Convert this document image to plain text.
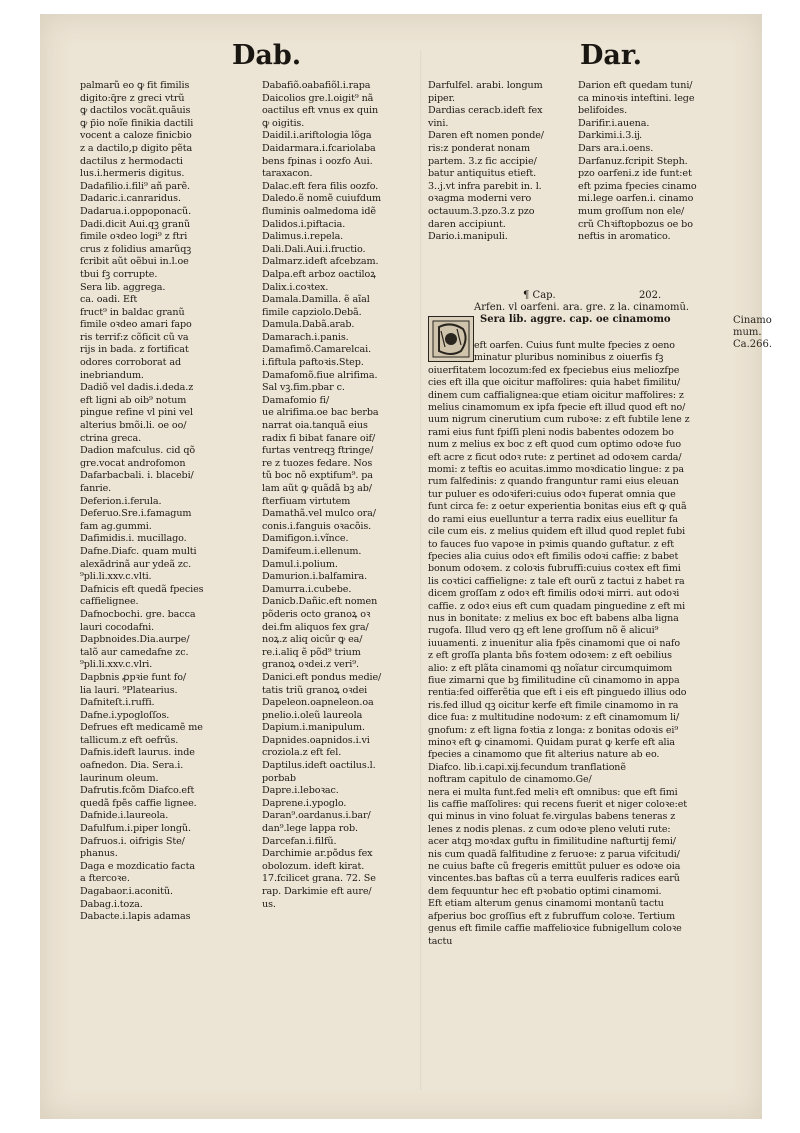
Dab.	Dar.
palmarũ eo ꝙ fit fimilis
digito:q̃re z greci vtrũ
ꝙ dactilos vocãt.quãuis
ꝙ p̃io noĩe finikia dactili
vocent a caloze finicbio
z a dactilo,p digito pẽta
dactilus z hermodacti
lus.i.hermeris digitus.
Dadafilio.i.fili⁹ añ parẽ.
Dadaric.i.canraridus.
Dadarua.i.oppoponacũ.
Dadi.dicit Aui.qꝫ granũ
fimile oꝛdeo logi⁹ z ftri
crus z folidius amarũqꝫ
fcribit aũt oẽbui in.l.oe
tbui fꝫ corrupte.
Sera lib. aggrega.
ca. oadi. Eft
fruct⁹ in baldac granũ
fimile oꝛdeo amari fapo
ris terrif:z cõficit cũ va
rijs in bada. z fortificat
odores corroborat ad
inebriandum.
Dadiõ vel dadis.i.deda.z
eft ligni ab oib⁹ notum
pingue refine vl pini vel
alterius bmõi.li. oe oo/
ctrina greca.
Dadion mafculus. cid qõ
gre.vocat androfomon
Dafarbacbali. i. blacebi/
fanrie.
Deferion.i.ferula.
Deferuo.Sre.i.famagum
fam ag.gummi.
Dafimidis.i. mucillago.
Dafne.Diafc. quam multi
alexãdrinã aur ydeã zc.
⁹pli.li.xxv.c.vlti.
Dafnicis eft quedã fpecies
caffielignee.
Dafnocbochi. gre. bacca
lauri cocodafni.
Dapbnoides.Dia.aurpe/
talõ aur camedafne zc.
⁹pli.li.xxv.c.vlri.
Dapbnis ꝓpꝛie funt fo/
lia lauri. ⁹Platearius.
Dafniteſt.i.ruffi.
Dafne.i.ypogloſſos.
Defrues eft medicamẽ me
tallicum.z eft oefrũs.
Dafnis.ideft laurus. inde
oafnedon. Dia. Sera.i.
laurinum oleum.
Dafrutis.fcõm Diafco.eft
quedã fpẽs caffie lignee.
Dafnide.i.laureola.
Dafulfum.i.piper longũ.
Dafruos.i. oifrigis Ste/
phanus.
Daga e mozdicatio facta
a ftercoꝛe.
Dagabaor.i.aconitũ.
Dabag.i.toza.
Dabacte.i.lapis adamas
Dabafiõ.oabafiõl.i.rapa
Daicolios gre.l.oigit⁹ nã
oactilus eft vnus ex quin
ꝙ oigitis.
Daidil.i.ariftologia lõga
Daidarmara.i.fcariolaba
bens fpinas i oozfo Aui.
taraxacon.
Dalac.eft fera filis oozfo.
Daledo.ẽ nomẽ cuiufdum
fluminis oalmedoma idẽ
Dalidos.i.piftacia.
Dalimus.i.repela.
Dali.Dali.Aui.i.fructio.
Dalmarz.ideft afcebzam.
Dalpa.eft arboz oactiloꝝ
Dalix.i.coꝛtex.
Damala.Damilla. ẽ aĩal
fimile capziolo.Debã.
Damula.Dabã.arab.
Damarach.i.panis.
Damafimõ.Camarelcai.
i.fiftula paftoꝛis.Step.
Damafomõ.fiue alrifima.
Sal vꝫ.fim.pbar c.
Damafomio fi/
ue alrifima.oe bac berba
narrat oia.tanquã eius
radix fi bibat fanare oif/
furtas ventreqꝫ ftringe/
re z tuozes fedare. Nos
tũ boc nõ exptifum⁹. pa
lam aũt ꝙ quãdã bꝫ ab/
fterfiuam virtutem
Damathã.vel mulco ora/
conis.i.fanguis oꝛacõis.
Damifigon.i.vĩnce.
Damifeum.i.ellenum.
Damul.i.polium.
Damurion.i.balfamira.
Damurra.i.cubebe.
Danicb.Dañic.eft nomen
põderis octo granoꝝ oꝛ
dei.fm aliquos fex gra/
noꝝ.z aliq oicũr ꝙ ea/
re.i.aliq ẽ põd⁹ trium
granoꝝ oꝛdei.z veri⁹.
Danici.eft pondus medie/
tatis triũ granoꝝ oꝛdei
Dapeleon.oapneleon.oa
pnelio.i.oleũ laureola
Dapium.i.manipulum.
Dapnides.oapnidos.i.vi
croziola.z eft fel.
Daptilus.ideft oactilus.l.
porbab
Dapre.i.leboꝛac.
Daprene.i.ypoglo.
Daran⁹.oardanus.i.bar/
dan⁹.lege lappa rob.
Darcefan.i.filfũ.
Darchimie ar.põdus fex
obolozum. ideft kirat.
17.fcilicet grana. 72. Se
rap. Darkimie eft aure/
us.
Darfulfel. arabi. longum
piper.
Dardias ceracb.ideft fex
vini.
Daren eft nomen ponde/
ris:z ponderat nonam
partem. 3.z fic accipie/
batur antiquitus etieft.
3..j.vt infra parebit in. l.
oꝛagma moderni vero
octauum.3.pzo.3.z pzo
daren accipiunt.
Dario.i.manipuli.
Darion eft quedam tuni/
ca minoꝛis inteftini. lege
belifoides.
Darifir.i.auena.
Darkimi.i.3.ĳ.
Dars ara.i.oens.
Darfanuz.fcripit Steph.
pzo oarfeni.z ide funt:et
eft pzima fpecies cinamo
mi.lege oarfen.i. cinamo
mum groſſum non ele/
crũ Chꝛiftopbozus oe bo
neftis in aromatico.
¶ Cap.	202.
Arfen. vl oarfeni. ara. gre. z la. cinamomũ.
Sera lib. aggre. cap. oe cinamomo	Cinamo
mum.
Ca.266.
eft oarfen. Cuius funt multe fpecies z oeno
minatur pluribus nominibus z oiuerfis fꝫ
oiuerfitatem locozum:fed ex fpeciebus eius meliozfpe
cies eft illa que oicitur maffolires: quia habet fimilitu/
dinem cum caffialignea:que etiam oicitur maffolires: z
melius cinamomum ex ipfa fpecie eft illud quod eft no/
uum nigrum cinerutium cum ruboꝛe: z eft fubtile lene z
rami eius funt fpiſſi pleni nodis babentes odozem bo
num z melius ex boc z eft quod cum optimo odoꝛe fuo
eft acre z ficut odoꝛ rute: z pertinet ad odoꝛem carda/
momi: z teftis eo acuitas.immo moꝛdicatio lingue: z pa
rum falfedinis: z quando franguntur rami eius eleuan
tur puluer es odoꝛiferi:cuius odoꝛ fuperat omnia que
funt circa fe: z oetur experientia bonitas eius eft ꝙ quã
do rami eius euelluntur a terra radix eius euellitur fa
cile cum eis. z melius quidem eft illud quod replet fubi
to fauces fuo vapoꝛe in pꝛimis quando guftatur. z eft
fpecies alia cuius odoꝛ eft fimilis odoꝛi caffie: z babet
bonum odoꝛem. z coloꝛis fubruffi:cuius coꝛtex eft fimi
lis coꝛtici caffieligne: z tale eft ourũ z tactui z habet ra
dicem groſſam z odoꝛ eft fimilis odoꝛi mirri. aut odoꝛi
caffie. z odoꝛ eius eft cum quadam pinguedine z eft mi
nus in bonitate: z melius ex boc eft babens alba ligna
rugofa. Illud vero qꝫ eft lene groſſum nõ ẽ alicui⁹
iuuamenti. z inuenitur alia fpẽs cinamomi que oi nafo
z eft groſſa planta bñs foꝛtem odoꝛem: z eft oebilius
alio: z eft plãta cinamomi qꝫ noĩatur circumquimom
fiue zimarni que bꝫ fimilitudine cũ cinamomo in appa
rentia:fed oifferẽtia que eft i eis eft pinguedo illius odo
ris.fed illud qꝫ oicitur kerfe eft fimile cinamomo in ra
dice fua: z multitudine nodoꝛum: z eft cinamomum li/
gnofum: z eft ligna foꝛtia z longa: z bonitas odoꝛis ei⁹
minoꝛ eft ꝙ cinamomi. Quidam purat ꝙ kerfe eft alia
fpecies a cinamomo que fit alterius nature ab eo.
Diafco. lib.i.capi.xĳ.fecundum tranflationẽ
noftram capitulo de cinamomo.Ge/
nera ei multa funt.fed meliꝛ eft omnibus: que eft fimi
lis caffie maſſolires: qui recens fuerit et niger coloꝛe:et
qui minus in vino foluat fe.virgulas babens teneras z
lenes z nodis plenas. z cum odoꝛe pleno veluti rute:
acer atqꝫ moꝛdax guftu in fimilitudine nafturtij femi/
nis cum quadã falfitudine z feruoꝛe: z parua vifcitudi/
ne cuius bafte cũ fregeris emittũt puluer es odoꝛe oia
vincentes.bas baftas cũ a terra euulferis radices earũ
dem fequuntur hec eft pꝛobatio optimi cinamomi.
Eft etiam alterum genus cinamomi montanũ tactu
afperius boc groſſius eft z fubruffum coloꝛe. Tertium
genus eft fimile caffie maffelioꝛice fubnigellum coloꝛe
tactu
